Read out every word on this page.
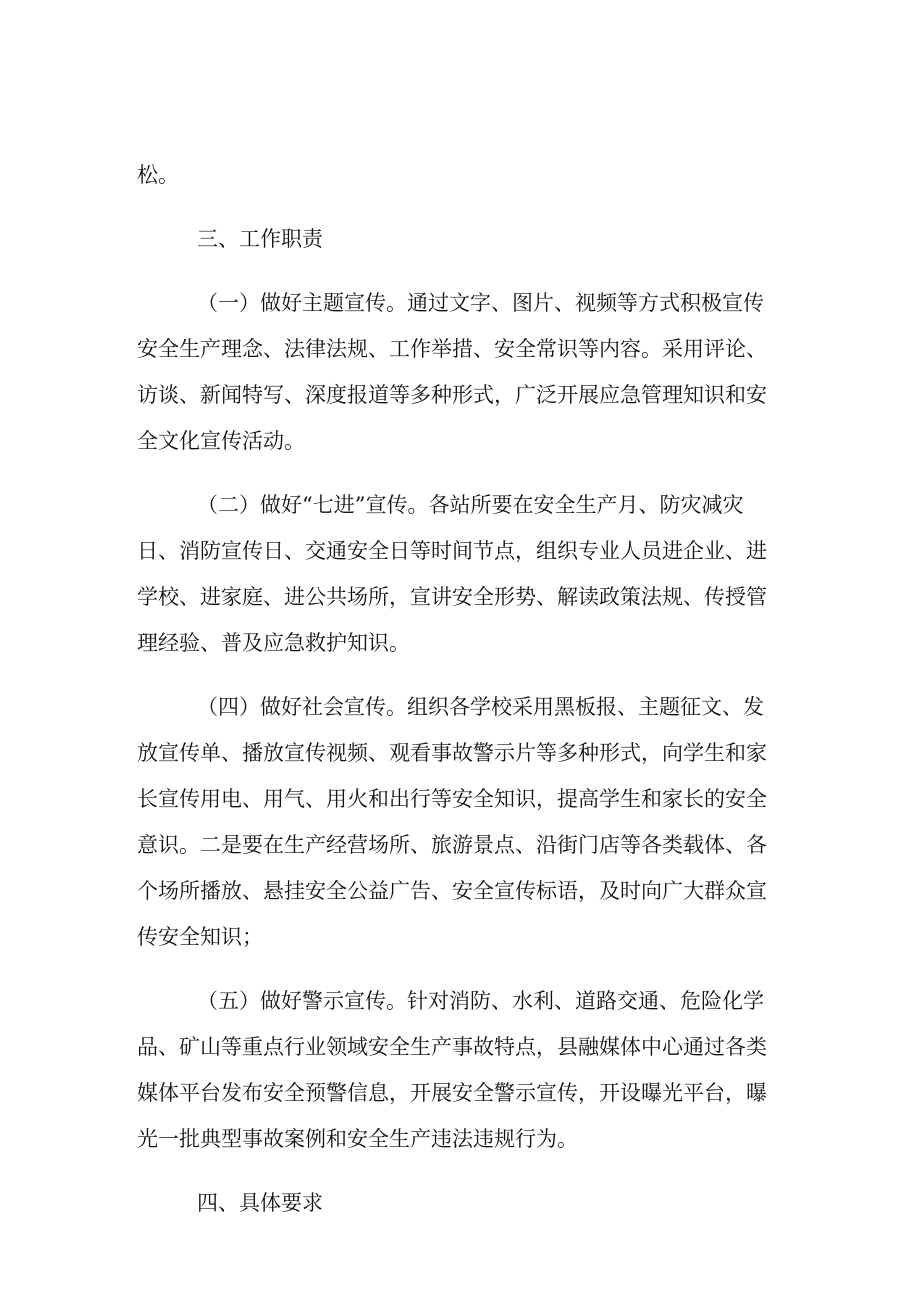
松。
三、工作职责
（一）做好主题宣传。通过文字、图片、视频等方式积极宣传
安全生产理念、法律法规、工作举措、安全常识等内容。采用评论、
访谈、新闻特写、深度报道等多种形式，广泛开展应急管理知识和安
全文化宣传活动。
（二）做好“七进”宣传。各站所要在安全生产月、防灾减灾
日、消防宣传日、交通安全日等时间节点，组织专业人员进企业、进
学校、进家庭、进公共场所，宣讲安全形势、解读政策法规、传授管
理经验、普及应急救护知识。
（四）做好社会宣传。组织各学校采用黑板报、主题征文、发
放宣传单、播放宣传视频、观看事故警示片等多种形式，向学生和家
长宣传用电、用气、用火和出行等安全知识，提高学生和家长的安全
意识。二是要在生产经营场所、旅游景点、沿街门店等各类载体、各
个场所播放、悬挂安全公益广告、安全宣传标语，及时向广大群众宣
传安全知识；
（五）做好警示宣传。针对消防、水利、道路交通、危险化学
品、矿山等重点行业领域安全生产事故特点，县融媒体中心通过各类
媒体平台发布安全预警信息，开展安全警示宣传，开设曝光平台，曝
光一批典型事故案例和安全生产违法违规行为。
四、具体要求
